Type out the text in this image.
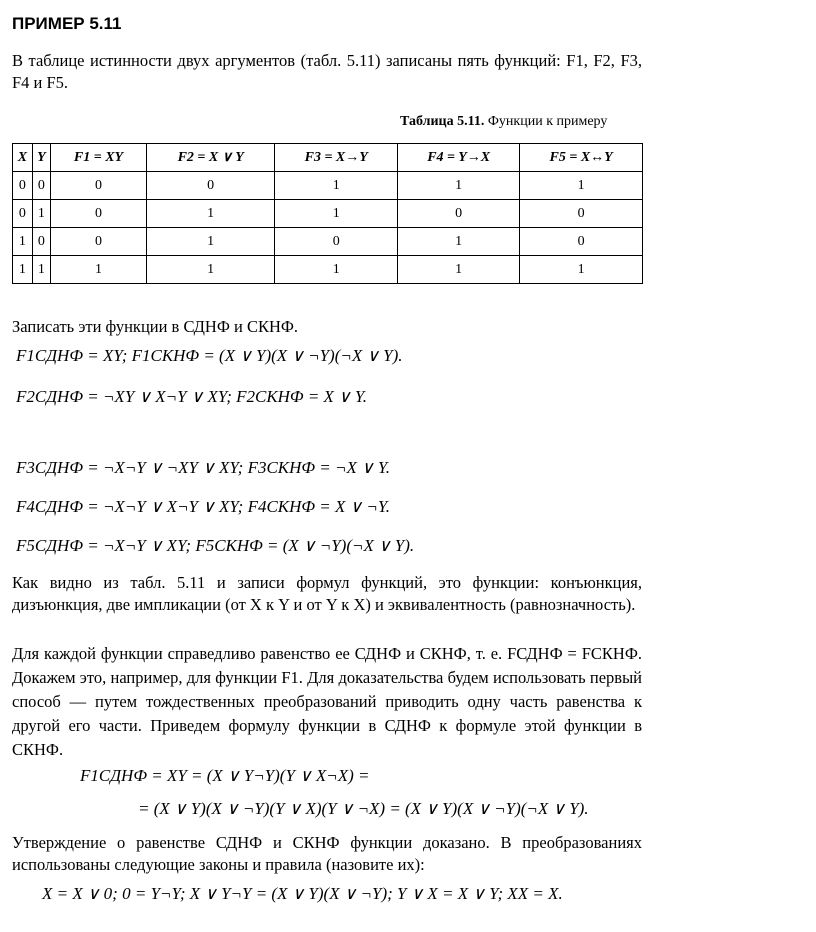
ПРИМЕР 5.11
В таблице истинности двух аргументов (табл. 5.11) записаны пять функций: F1, F2, F3, F4 и F5.
Таблица 5.11. Функции к примеру
X	Y	F1 = XY	F2 = X ∨ Y	F3 = X→Y	F4 = Y→X	F5 = X↔Y
0	0	0	0	1	1	1
0	1	0	1	1	0	0
1	0	0	1	0	1	0
1	1	1	1	1	1	1
Записать эти функции в СДНФ и СКНФ.
F1СДНФ = XY; F1СКНФ = (X ∨ Y)(X ∨ ¬Y)(¬X ∨ Y).
F2СДНФ = ¬XY ∨ X¬Y ∨ XY; F2СКНФ = X ∨ Y.
F3СДНФ = ¬X¬Y ∨ ¬XY ∨ XY; F3СКНФ = ¬X ∨ Y.
F4СДНФ = ¬X¬Y ∨ X¬Y ∨ XY; F4СКНФ = X ∨ ¬Y.
F5СДНФ = ¬X¬Y ∨ XY; F5СКНФ = (X ∨ ¬Y)(¬X ∨ Y).
Как видно из табл. 5.11 и записи формул функций, это функции: конъюнкция, дизъюнкция, две импликации (от X к Y и от Y к X) и эквивалентность (равнозначность).
Для каждой функции справедливо равенство ее СДНФ и СКНФ, т. е. FСДНФ = FСКНФ. Докажем это, например, для функции F1. Для доказательства будем использовать первый способ — путем тождественных преобразований приводить одну часть равенства к другой его части. Приведем формулу функции в СДНФ к формуле этой функции в СКНФ.
F1СДНФ = XY = (X ∨ Y¬Y)(Y ∨ X¬X) =
= (X ∨ Y)(X ∨ ¬Y)(Y ∨ X)(Y ∨ ¬X) = (X ∨ Y)(X ∨ ¬Y)(¬X ∨ Y).
Утверждение о равенстве СДНФ и СКНФ функции доказано. В преобразованиях использованы следующие законы и правила (назовите их):
X = X ∨ 0; 0 = Y¬Y; X ∨ Y¬Y = (X ∨ Y)(X ∨ ¬Y); Y ∨ X = X ∨ Y; XX = X.
